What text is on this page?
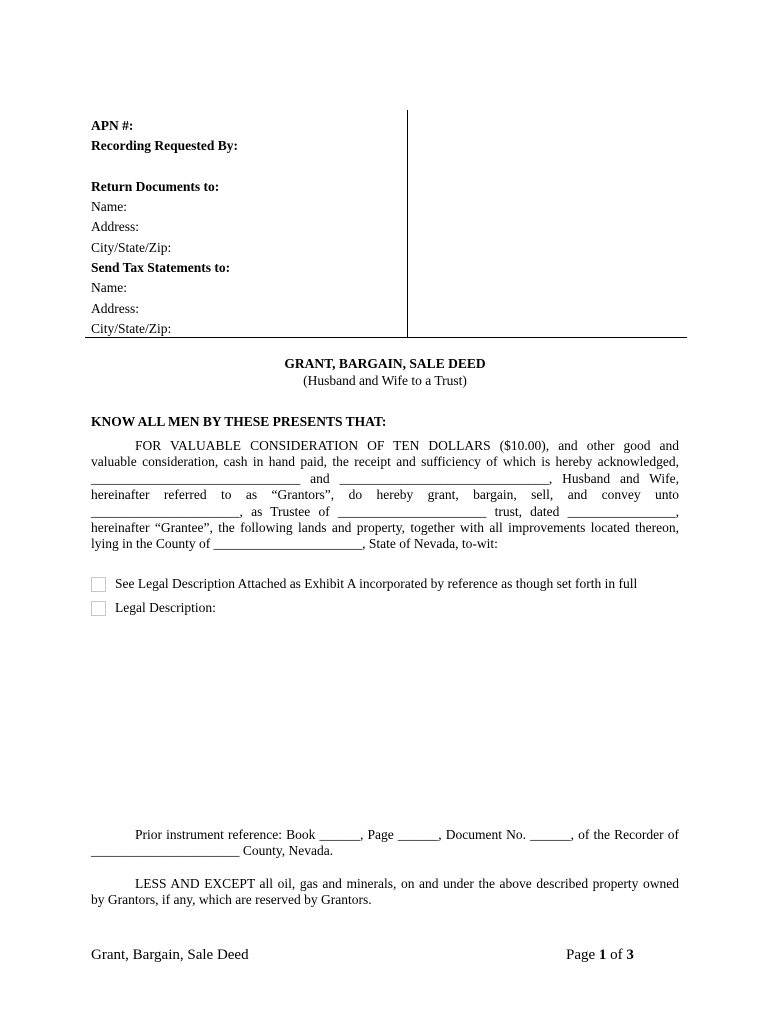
APN #:
Recording Requested By:
Return Documents to:
Name:
Address:
City/State/Zip:
Send Tax Statements to:
Name:
Address:
City/State/Zip:
GRANT, BARGAIN, SALE DEED
(Husband and Wife to a Trust)
KNOW ALL MEN BY THESE PRESENTS THAT:
FOR VALUABLE CONSIDERATION OF TEN DOLLARS ($10.00), and other good and
valuable consideration, cash in hand paid, the receipt and sufficiency of which is hereby acknowledged,
_______________________________ and _______________________________, Husband and Wife,
hereinafter referred to as “Grantors”, do hereby grant, bargain, sell, and convey unto
______________________, as Trustee of ______________________ trust, dated ________________,
hereinafter “Grantee”, the following lands and property, together with all improvements located thereon,
lying in the County of ______________________, State of Nevada, to-wit:
See Legal Description Attached as Exhibit A incorporated by reference as though set forth in full
Legal Description:
Prior instrument reference: Book ______, Page ______, Document No. ______, of the Recorder of
______________________ County, Nevada.
LESS AND EXCEPT all oil, gas and minerals, on and under the above described property owned
by Grantors, if any, which are reserved by Grantors.
Grant, Bargain, Sale Deed	Page 1 of 3
